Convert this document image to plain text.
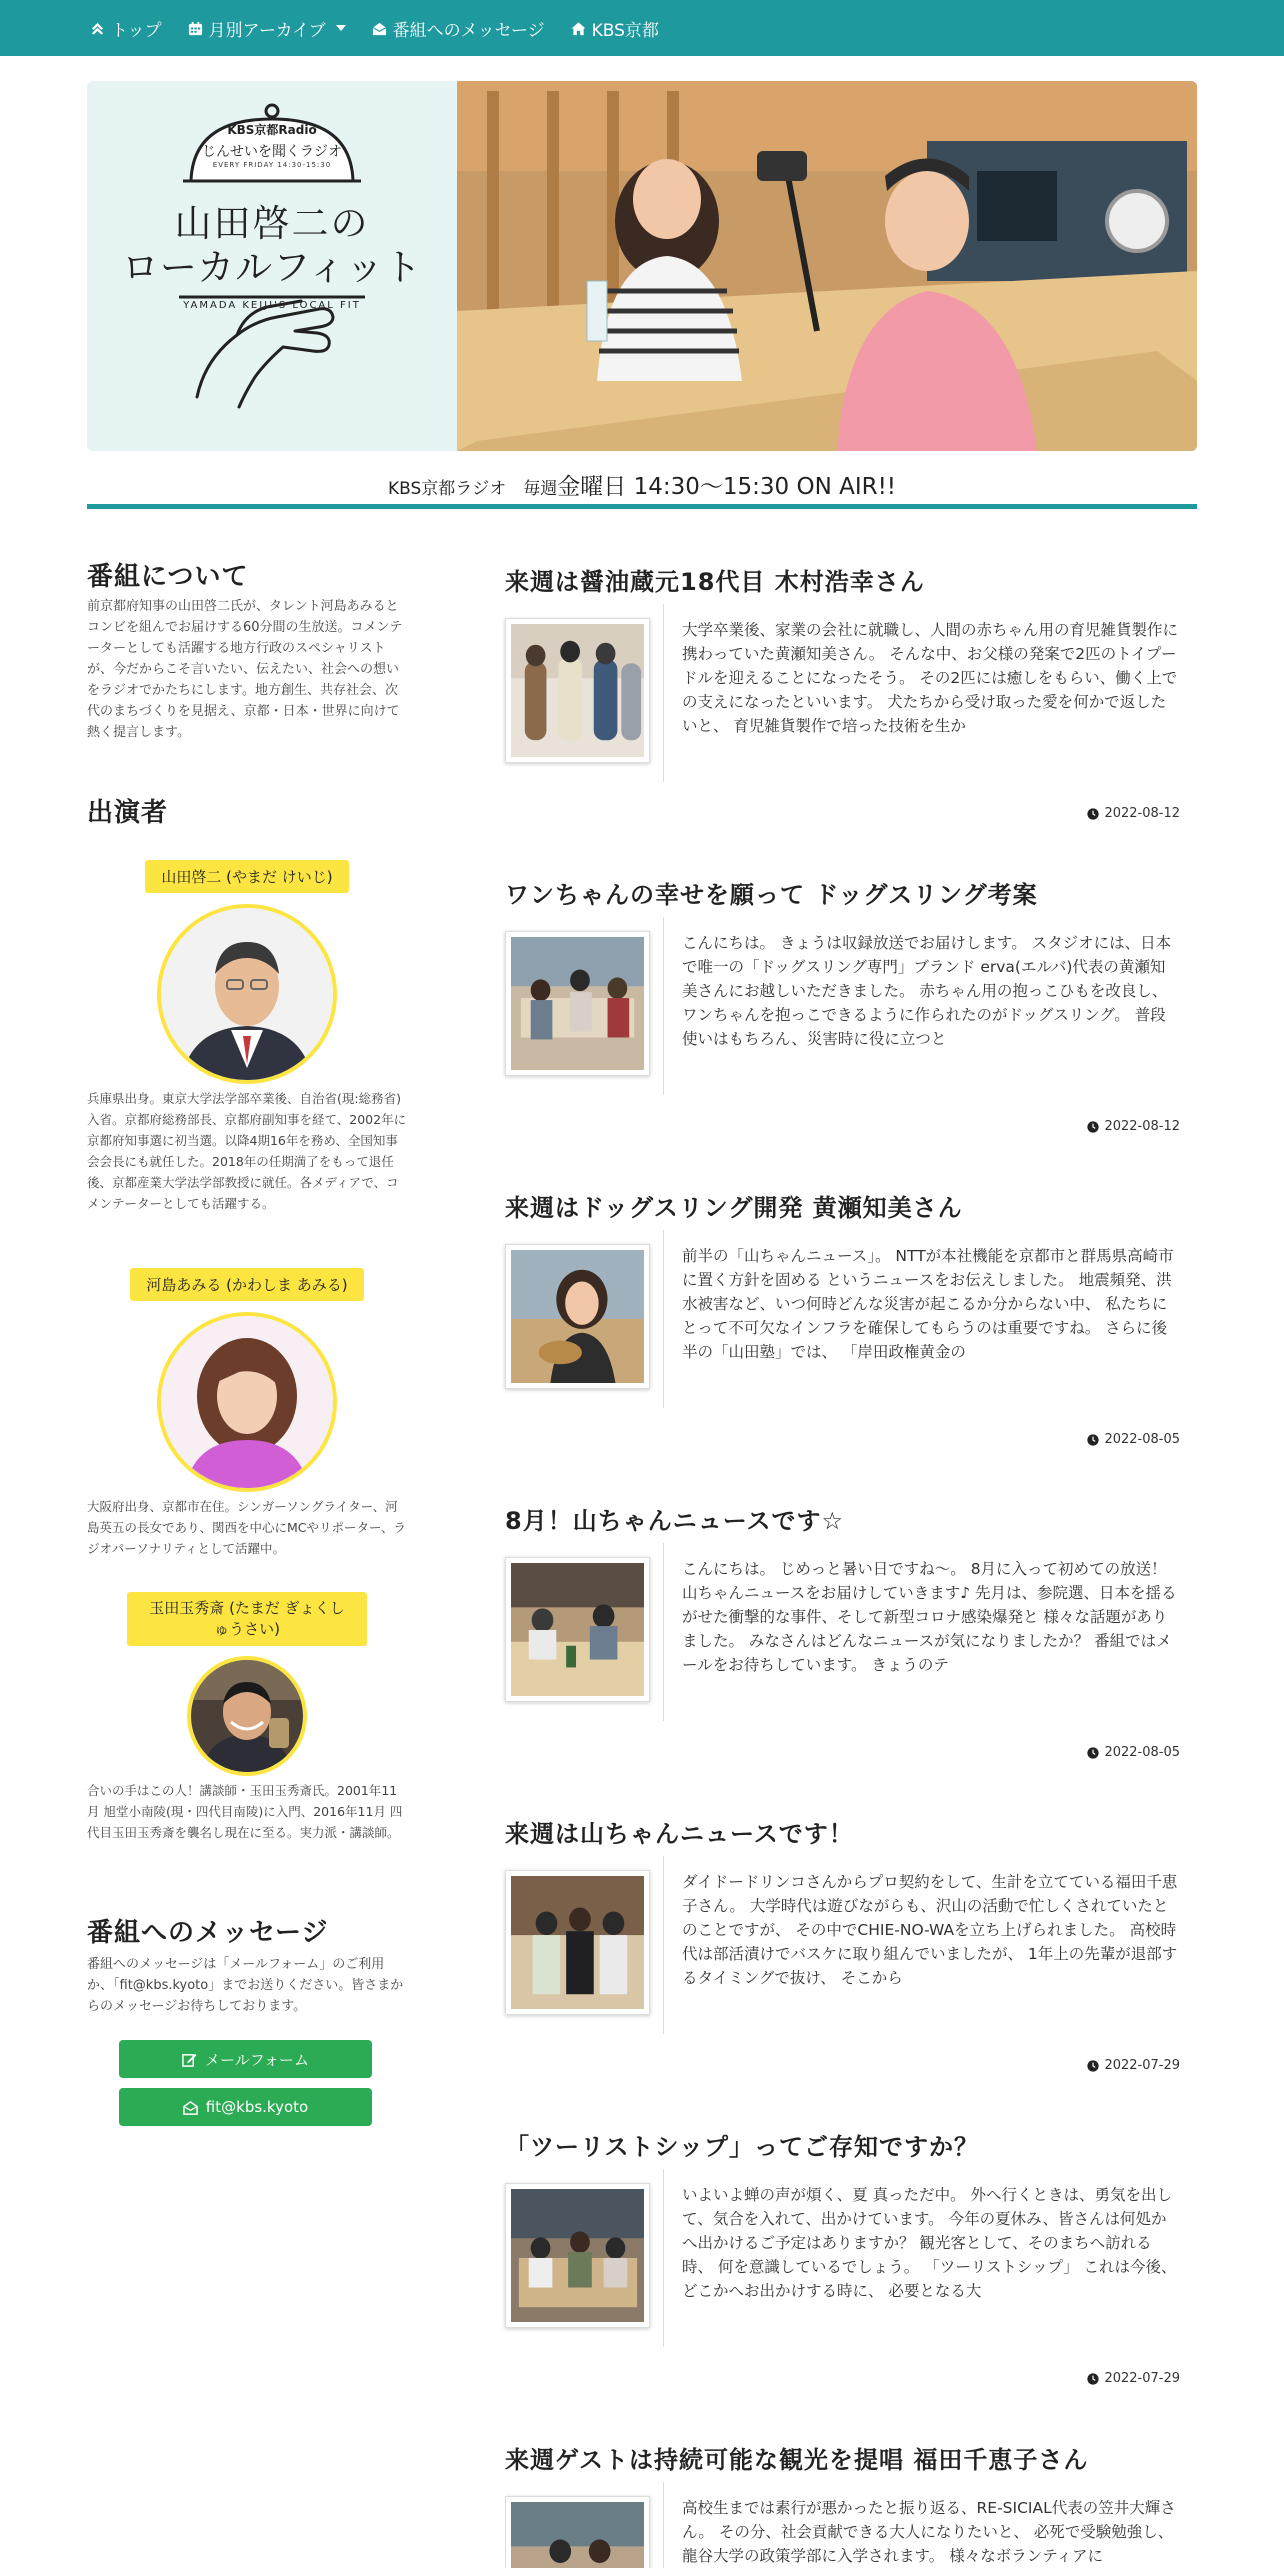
トップ	月別アーカイブ	番組へのメッセージ	KBS京都
KBS京都Radio
じんせいを聞くラジオ
EVERY FRIDAY 14:30-15:30
山田啓二の
ローカルフィット
YAMADA KEIJI'S LOCAL FIT
KBS京都ラジオ　毎週金曜日 14:30～15:30 ON AIR!!
番組について

前京都府知事の山田啓二氏が、タレント河島あみるとコンビを組んでお届けする60分間の生放送。コメンテーターとしても活躍する地方行政のスペシャリストが、今だからこそ言いたい、伝えたい、社会への想いをラジオでかたちにします。地方創生、共存社会、次代のまちづくりを見据え、京都・日本・世界に向けて熱く提言します。

出演者
山田啓二 (やまだ けいじ)

兵庫県出身。東京大学法学部卒業後、自治省(現:総務省)入省。京都府総務部長、京都府副知事を経て、2002年に京都府知事選に初当選。以降4期16年を務め、全国知事会会長にも就任した。2018年の任期満了をもって退任後、京都産業大学法学部教授に就任。各メディアで、コメンテーターとしても活躍する。

河島あみる (かわしま あみる)

大阪府出身、京都市在住。シンガーソングライター、河島英五の長女であり、関西を中心にMCやリポーター、ラジオパーソナリティとして活躍中。

玉田玉秀斎 (たまだ ぎょくしゅうさい)

合いの手はこの人！講談師・玉田玉秀斎氏。2001年11月 旭堂小南陵(現・四代目南陵)に入門、2016年11月 四代目玉田玉秀斎を襲名し現在に至る。実力派・講談師。

番組へのメッセージ

番組へのメッセージは「メールフォーム」のご利用か、「fit@kbs.kyoto」までお送りください。皆さまからのメッセージお待ちしております。

メールフォーム
fit@kbs.kyoto
来週は醤油蔵元18代目 木村浩幸さん

大学卒業後、家業の会社に就職し、人間の赤ちゃん用の育児雑貨製作に携わっていた黄瀬知美さん。 そんな中、お父様の発案で2匹のトイプードルを迎えることになったそう。 その2匹には癒しをもらい、働く上での支えになったといいます。 犬たちから受け取った愛を何かで返したいと、 育児雑貨製作で培った技術を生か

2022-08-12
ワンちゃんの幸せを願って ドッグスリング考案

こんにちは。 きょうは収録放送でお届けします。 スタジオには、日本で唯一の「ドッグスリング専門」ブランド erva(エルバ)代表の黄瀬知美さんにお越しいただきました。 赤ちゃん用の抱っこひもを改良し、 ワンちゃんを抱っこできるように作られたのがドッグスリング。 普段使いはもちろん、災害時に役に立つと

2022-08-12
来週はドッグスリング開発 黄瀬知美さん

前半の「山ちゃんニュース」。 NTTが本社機能を京都市と群馬県高崎市に置く方針を固める というニュースをお伝えしました。 地震頻発、洪水被害など、いつ何時どんな災害が起こるか分からない中、 私たちにとって不可欠なインフラを確保してもらうのは重要ですね。 さらに後半の「山田塾」では、 「岸田政権黄金の

2022-08-05
8月！山ちゃんニュースです☆

こんにちは。 じめっと暑い日ですね～。 8月に入って初めての放送！ 山ちゃんニュースをお届けしていきます♪ 先月は、参院選、日本を揺るがせた衝撃的な事件、そして新型コロナ感染爆発と 様々な話題がありました。 みなさんはどんなニュースが気になりましたか？ 番組ではメールをお待ちしています。 きょうのテ

2022-08-05
来週は山ちゃんニュースです！

ダイドードリンコさんからプロ契約をして、生計を立てている福田千恵子さん。 大学時代は遊びながらも、沢山の活動で忙しくされていたとのことですが、 その中でCHIE-NO-WAを立ち上げられました。 高校時代は部活漬けでバスケに取り組んでいましたが、 1年上の先輩が退部するタイミングで抜け、 そこから

2022-07-29
「ツーリストシップ」ってご存知ですか？

いよいよ蝉の声が煩く、夏 真っただ中。 外へ行くときは、勇気を出して、気合を入れて、出かけています。 今年の夏休み、皆さんは何処かへ出かけるご予定はありますか？ 観光客として、そのまちへ訪れる時、 何を意識しているでしょう。 「ツーリストシップ」 これは今後、どこかへお出かけする時に、 必要となる大

2022-07-29
来週ゲストは持続可能な観光を提唱 福田千恵子さん

高校生までは素行が悪かったと振り返る、RE-SICIAL代表の笠井大輝さん。 その分、社会貢献できる大人になりたいと、 必死で受験勉強し、龍谷大学の政策学部に入学されます。 様々なボランティアに
